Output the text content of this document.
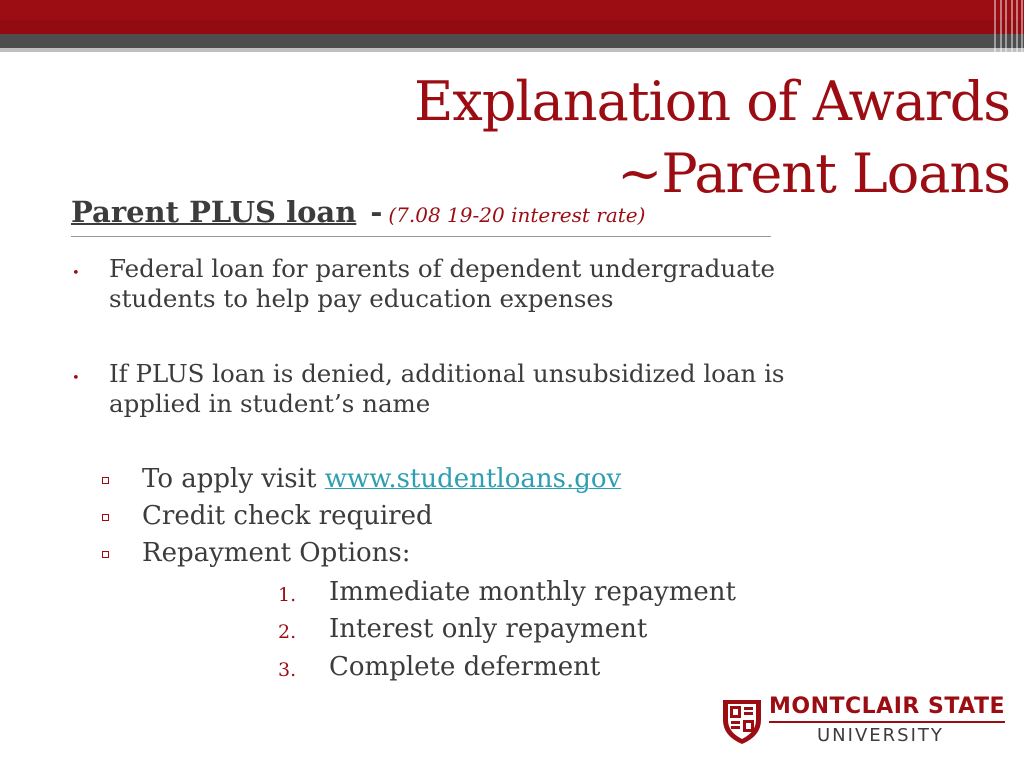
Explanation of Awards
~Parent Loans
Parent PLUS loan - (7.08 19-20 interest rate)
• Federal loan for parents of dependent undergraduate
students to help pay education expenses
• If PLUS loan is denied, additional unsubsidized loan is
applied in student’s name
To apply visit www.studentloans.gov
Credit check required
Repayment Options:
1. Immediate monthly repayment
2. Interest only repayment
3. Complete deferment
MONTCLAIR STATE
UNIVERSITY
